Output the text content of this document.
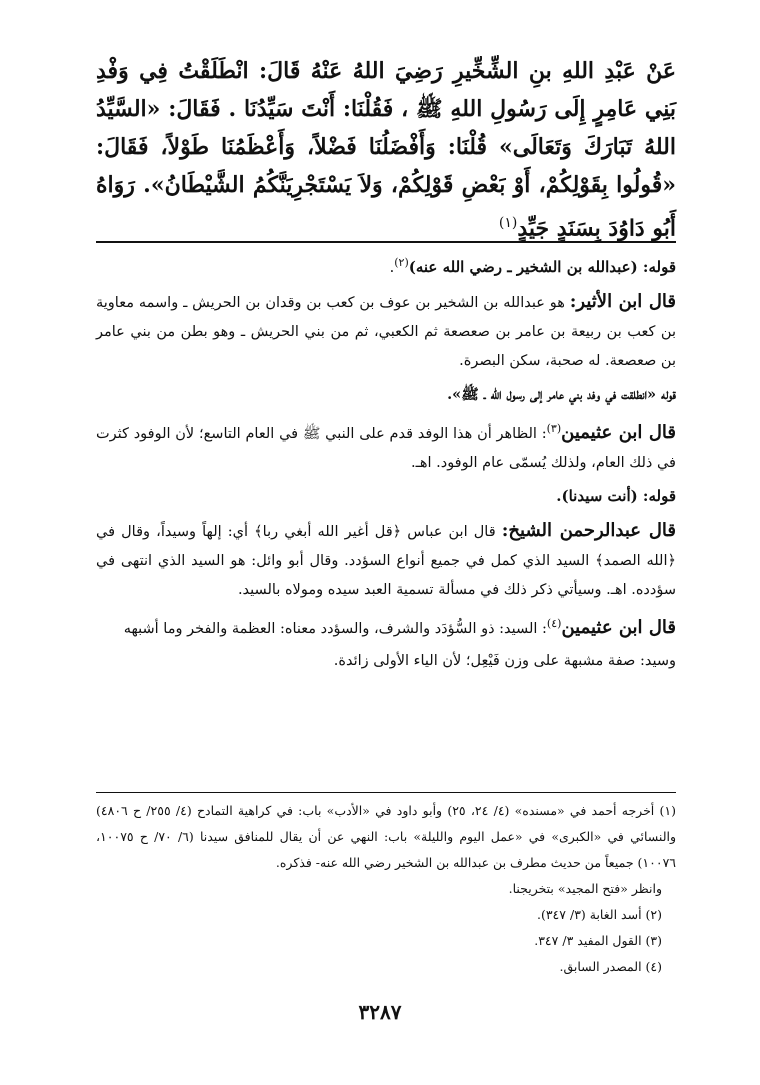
عَنْ عَبْدِ اللهِ بنِ الشِّخِّيرِ رَضِيَ اللهُ عَنْهُ قَالَ: انْطَلَقْتُ فِي وَفْدِ بَنِي عَامِرٍ إِلَى رَسُولِ اللهِ ﷺ ، فَقُلْنَا: أَنْتَ سَيِّدُنَا . فَقَالَ: «السَّيِّدُ اللهُ تَبَارَكَ وَتَعَالَى» قُلْنَا: وَأَفْضَلُنَا فَضْلاً، وَأَعْظَمُنَا طَوْلاً، فَقَالَ: «قُولُوا بِقَوْلِكُمْ، أَوْ بَعْضِ قَوْلِكُمْ، وَلاَ يَسْتَجْرِيَنَّكُمُ الشَّيْطَانُ». رَوَاهُ أَبُو دَاوُدَ بِسَنَدٍ جَيِّدٍ$^{(١)}$

قوله: (عبدالله بن الشخير ـ رضي الله عنه)$^{(٢)}$.

قال ابن الأثير: هو عبدالله بن الشخير بن عوف بن كعب بن وقدان بن الحريش ـ واسمه معاوية بن كعب بن ربيعة بن عامر بن صعصعة ثم الكعبي، ثم من بني الحريش ـ وهو بطن من بني عامر بن صعصعة. له صحبة، سكن البصرة.

قوله «انطلقت في وفد بني عامر إلى رسول الله ـ ﷺ».

قال ابن عثيمين$^{(٣)}$: الظاهر أن هذا الوفد قدم على النبي ﷺ في العام التاسع؛ لأن الوفود كثرت في ذلك العام، ولذلك يُسمّى عام الوفود. اهـ.

قوله: (أنت سيدنا).

قال عبدالرحمن الشيخ: قال ابن عباس ﴿قل أغير الله أبغي ربا﴾ أي: إلهاً وسيداً، وقال في ﴿الله الصمد﴾ السيد الذي كمل في جميع أنواع السؤدد. وقال أبو وائل: هو السيد الذي انتهى في سؤدده. اهـ. وسيأتي ذكر ذلك في مسألة تسمية العبد سيده ومولاه بالسيد.

قال ابن عثيمين$^{(٤)}$: السيد: ذو السُّؤدَد والشرف، والسؤدد معناه: العظمة والفخر وما أشبهه

وسيد: صفة مشبهة على وزن فَيْعِل؛ لأن الياء الأولى زائدة.

(١) أخرجه أحمد في «مسنده» (٤/ ٢٤، ٢٥) وأبو داود في «الأدب» باب: في كراهية التمادح (٤/ ٢٥٥/ ح ٤٨٠٦) والنسائي في «الكبرى» في «عمل اليوم والليلة» باب: النهي عن أن يقال للمنافق سيدنا (٦/ ٧٠/ ح ١٠٠٧٥، ١٠٠٧٦) جميعاً من حديث مطرف بن عبدالله بن الشخير رضي الله عنه- فذكره.

وانظر «فتح المجيد» بتخريجنا.

(٢) أسد الغابة (٣/ ٣٤٧).

(٣) القول المفيد ٣/ ٣٤٧.

(٤) المصدر السابق.

٣٢٨٧
